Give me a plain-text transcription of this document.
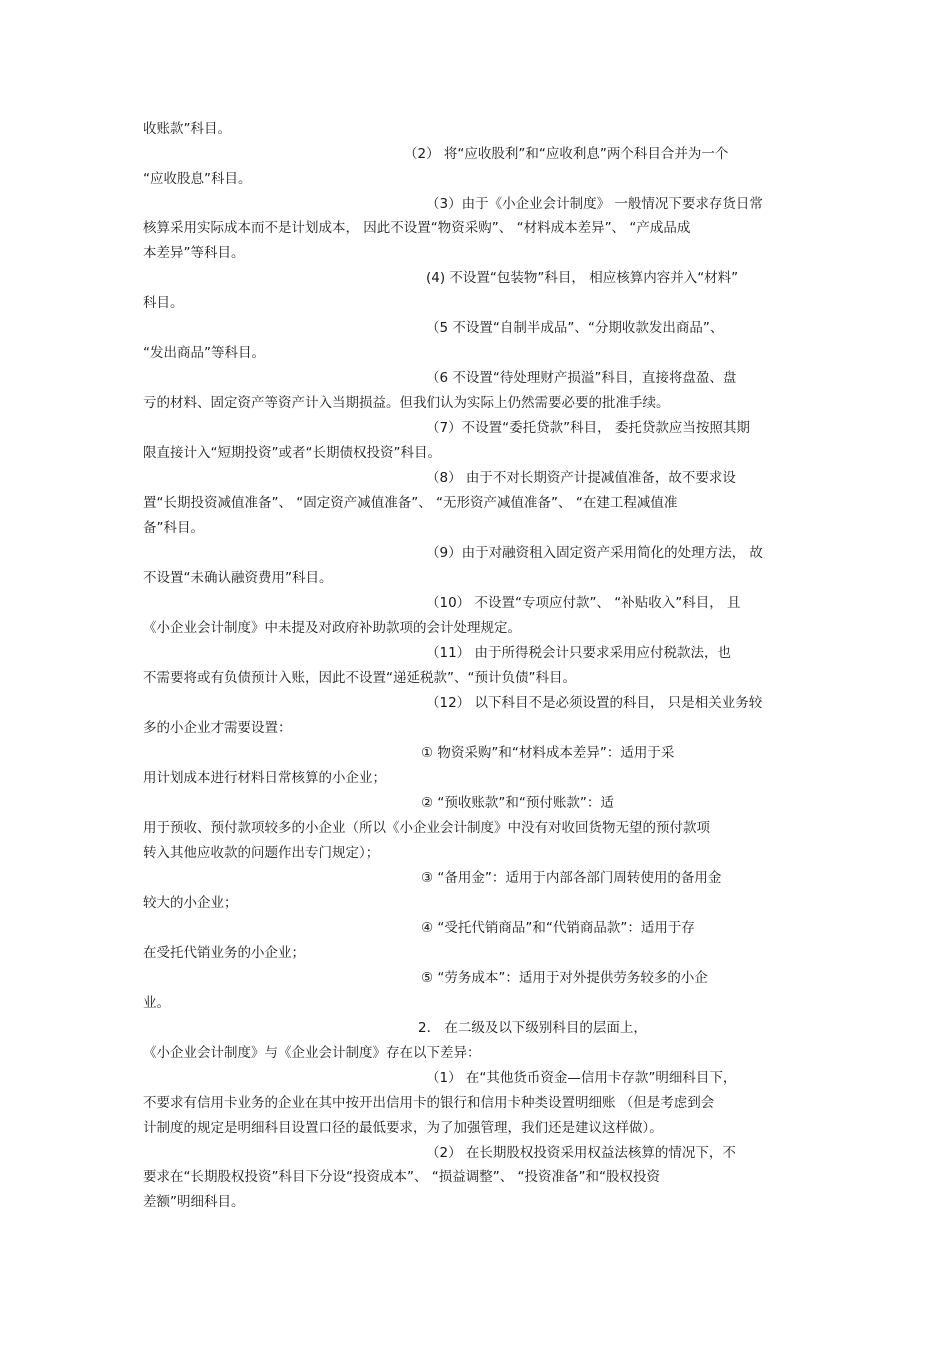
收账款”科目。
（2） 将“应收股利”和“应收利息”两个科目合并为一个
“应收股息”科目。
（3）由于《小企业会计制度》 一般情况下要求存货日常
核算采用实际成本而不是计划成本， 因此不设置“物资采购”、 “材料成本差异”、 “产成品成
本差异”等科目。
(4) 不设置“包装物”科目， 相应核算内容并入“材料”
科目。
（5 不设置“自制半成品”、“分期收款发出商品”、
“发出商品”等科目。
（6 不设置“待处理财产损溢”科目，直接将盘盈、盘
亏的材料、固定资产等资产计入当期损益。但我们认为实际上仍然需要必要的批准手续。
（7）不设置“委托贷款”科目， 委托贷款应当按照其期
限直接计入“短期投资”或者“长期债权投资”科目。
（8） 由于不对长期资产计提减值准备，故不要求设
置“长期投资减值准备”、 “固定资产减值准备”、 “无形资产减值准备”、 “在建工程减值准
备”科目。
（9）由于对融资租入固定资产采用简化的处理方法， 故
不设置“未确认融资费用”科目。
（10） 不设置“专项应付款”、 “补贴收入”科目， 且
《小企业会计制度》中未提及对政府补助款项的会计处理规定。
（11） 由于所得税会计只要求采用应付税款法，也
不需要将或有负债预计入账，因此不设置“递延税款”、“预计负债”科目。
（12） 以下科目不是必须设置的科目， 只是相关业务较
多的小企业才需要设置：
① 物资采购”和“材料成本差异”：适用于采
用计划成本进行材料日常核算的小企业；
② “预收账款”和“预付账款”：适
用于预收、预付款项较多的小企业（所以《小企业会计制度》中没有对收回货物无望的预付款项
转入其他应收款的问题作出专门规定）；
③ “备用金”：适用于内部各部门周转使用的备用金
较大的小企业；
④ “受托代销商品”和“代销商品款”：适用于存
在受托代销业务的小企业；
⑤ “劳务成本”：适用于对外提供劳务较多的小企
业。
2． 在二级及以下级别科目的层面上，
《小企业会计制度》与《企业会计制度》存在以下差异：
（1） 在“其他货币资金—信用卡存款”明细科目下，
不要求有信用卡业务的企业在其中按开出信用卡的银行和信用卡种类设置明细账 （但是考虑到会
计制度的规定是明细科目设置口径的最低要求，为了加强管理，我们还是建议这样做）。
（2） 在长期股权投资采用权益法核算的情况下，不
要求在“长期股权投资”科目下分设“投资成本”、 “损益调整”、 “投资准备”和“股权投资
差额”明细科目。
